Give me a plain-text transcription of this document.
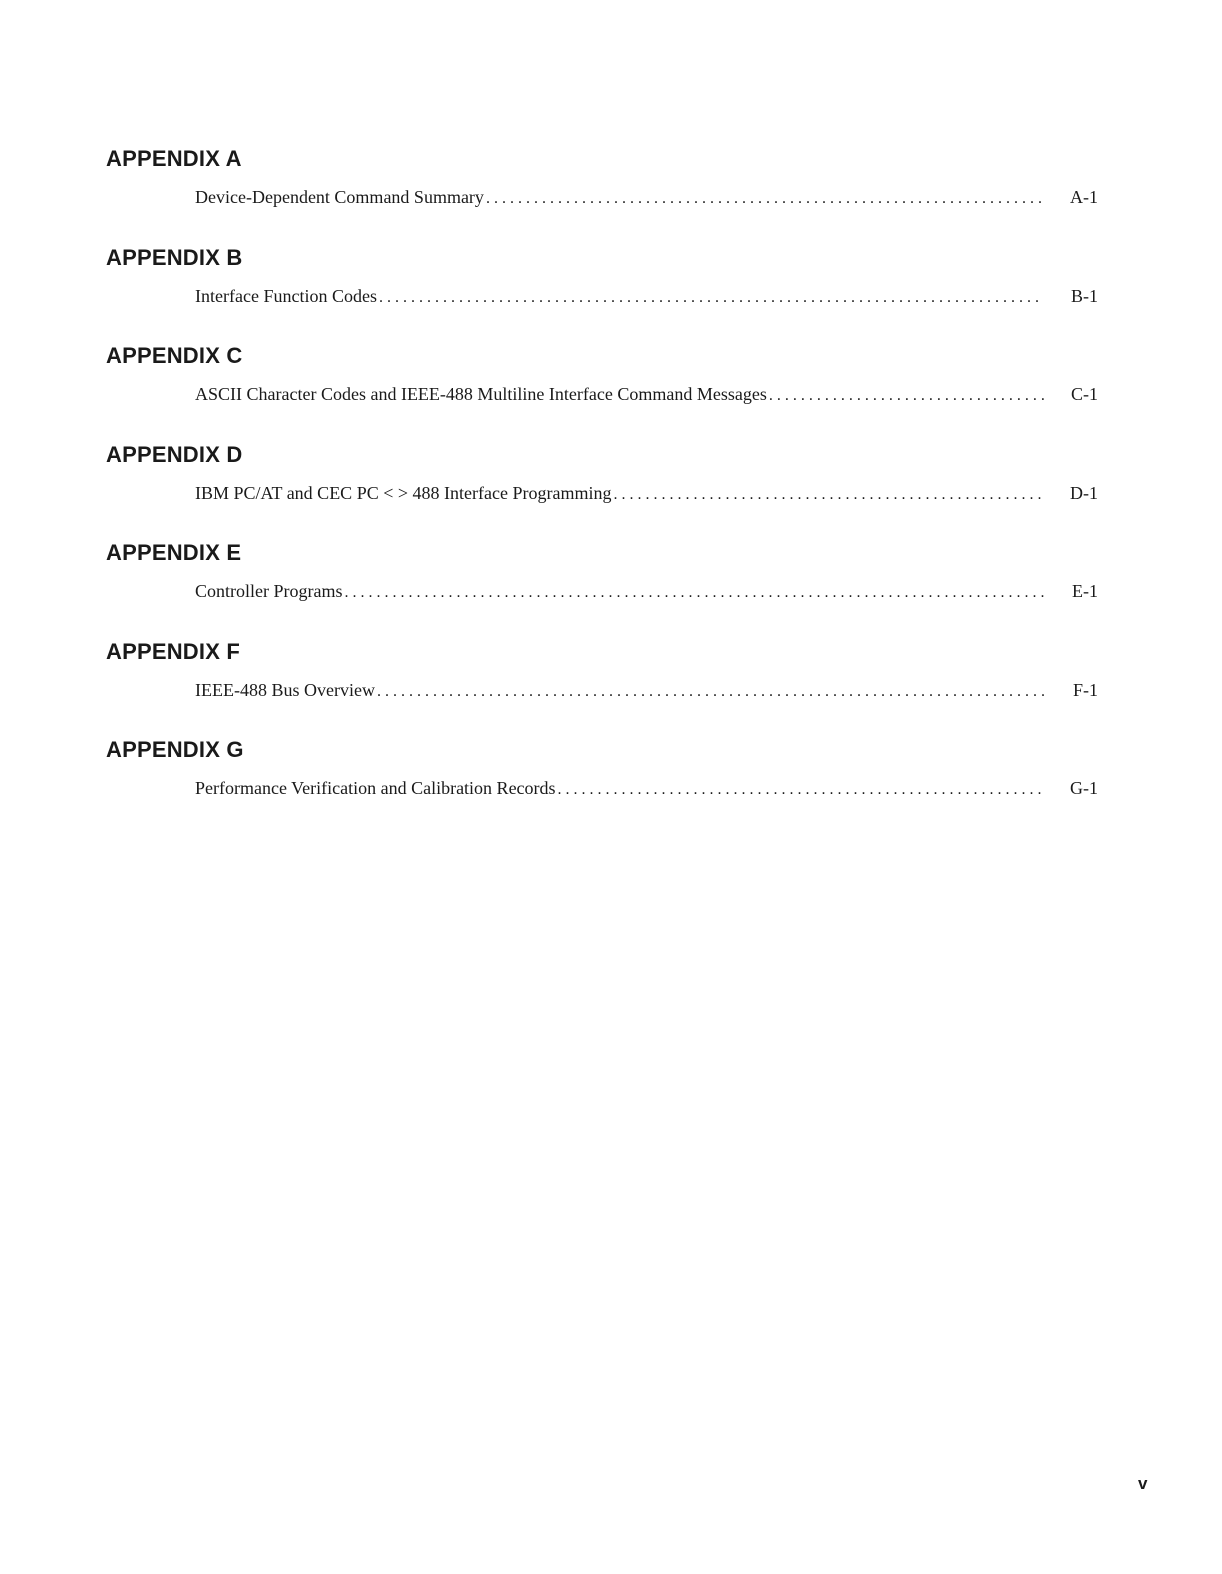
APPENDIX A
Device-Dependent Command Summary . . .	A-1
APPENDIX B
Interface Function Codes . . .	B-1
APPENDIX C
ASCII Character Codes and IEEE-488 Multiline Interface Command Messages . . .	C-1
APPENDIX D
IBM PC/AT and CEC PC < > 488 Interface Programming . . .	D-1
APPENDIX E
Controller Programs . . .	E-1
APPENDIX F
IEEE-488 Bus Overview . . .	F-1
APPENDIX G
Performance Verification and Calibration Records . . .	G-1
v
